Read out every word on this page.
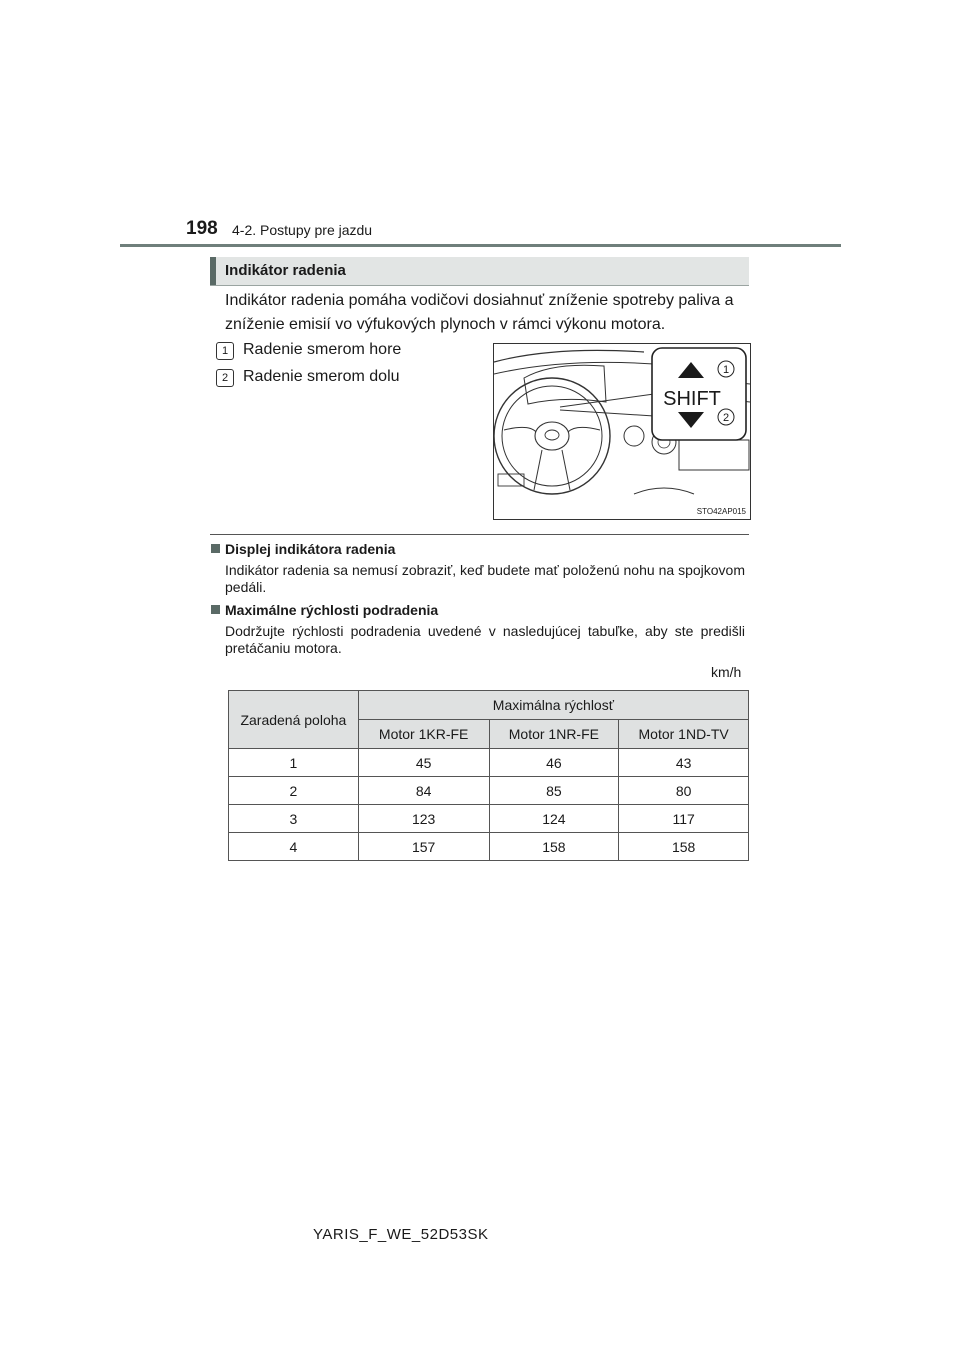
198 4-2. Postupy pre jazdu
Indikátor radenia
Indikátor radenia pomáha vodičovi dosiahnuť zníženie spotreby paliva a zníženie emisií vo výfukových plynoch v rámci výkonu motora.
1 Radenie smerom hore
2 Radenie smerom dolu
SHIFT
1
2
STO42AP015
Displej indikátora radenia
Indikátor radenia sa nemusí zobraziť, keď budete mať položenú nohu na spojkovom pedáli.
Maximálne rýchlosti podradenia
Dodržujte rýchlosti podradenia uvedené v nasledujúcej tabuľke, aby ste predišli pretáčaniu motora.
km/h
Zaradená poloha	Maximálna rýchlosť		
	Motor 1KR-FE	Motor 1NR-FE	Motor 1ND-TV
1	45	46	43
2	84	85	80
3	123	124	117
4	157	158	158
YARIS_F_WE_52D53SK
